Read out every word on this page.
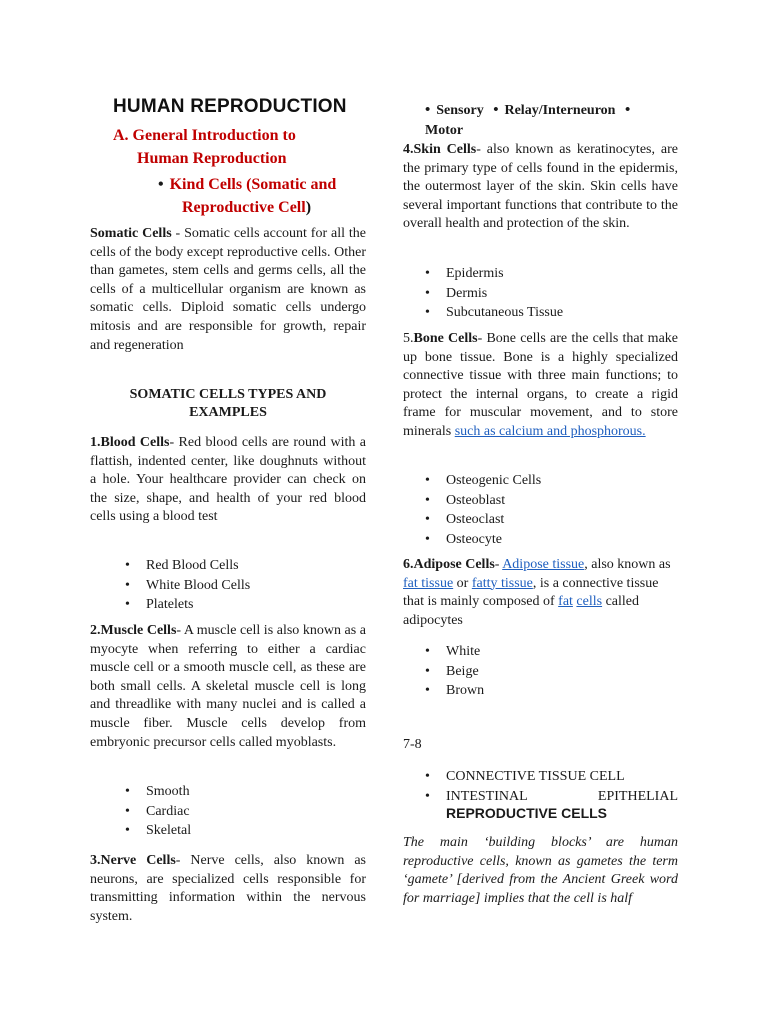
HUMAN REPRODUCTION
A. General Introduction to
Human Reproduction
• Kind Cells (Somatic and
Reproductive Cell)

Somatic Cells - Somatic cells account for all the cells of the body except reproductive cells. Other than gametes, stem cells and germs cells, all the cells of a multicellular organism are known as somatic cells. Diploid somatic cells undergo mitosis and are responsible for growth, repair and regeneration

SOMATIC CELLS TYPES AND
EXAMPLES

1.Blood Cells- Red blood cells are round with a flattish, indented center, like doughnuts without a hole. Your healthcare provider can check on the size, shape, and health of your red blood cells using a blood test

• Red Blood Cells
• White Blood Cells
• Platelets

2.Muscle Cells- A muscle cell is also known as a myocyte when referring to either a cardiac muscle cell or a smooth muscle cell, as these are both small cells. A skeletal muscle cell is long and threadlike with many nuclei and is called a muscle fiber. Muscle cells develop from embryonic precursor cells called myoblasts.

• Smooth
• Cardiac
• Skeletal

3.Nerve Cells- Nerve cells, also known as neurons, are specialized cells responsible for transmitting information within the nervous system.

• Sensory • Relay/Interneuron •
Motor

4.Skin Cells- also known as keratinocytes, are the primary type of cells found in the epidermis, the outermost layer of the skin. Skin cells have several important functions that contribute to the overall health and protection of the skin.

• Epidermis
• Dermis
• Subcutaneous Tissue

5.Bone Cells- Bone cells are the cells that make up bone tissue. Bone is a highly specialized connective tissue with three main functions; to protect the internal organs, to create a rigid frame for muscular movement, and to store minerals such as calcium and phosphorous.

• Osteogenic Cells
• Osteoblast
• Osteoclast
• Osteocyte

6.Adipose Cells- Adipose tissue, also known as fat tissue or fatty tissue, is a connective tissue that is mainly composed of fat cells called adipocytes

• White
• Beige
• Brown
7-8
• CONNECTIVE TISSUE CELL
• INTESTINAL EPITHELIAL
REPRODUCTIVE CELLS

The main ‘building blocks’ are human reproductive cells, known as gametes the term ‘gamete’ [derived from the Ancient Greek word for marriage] implies that the cell is half
